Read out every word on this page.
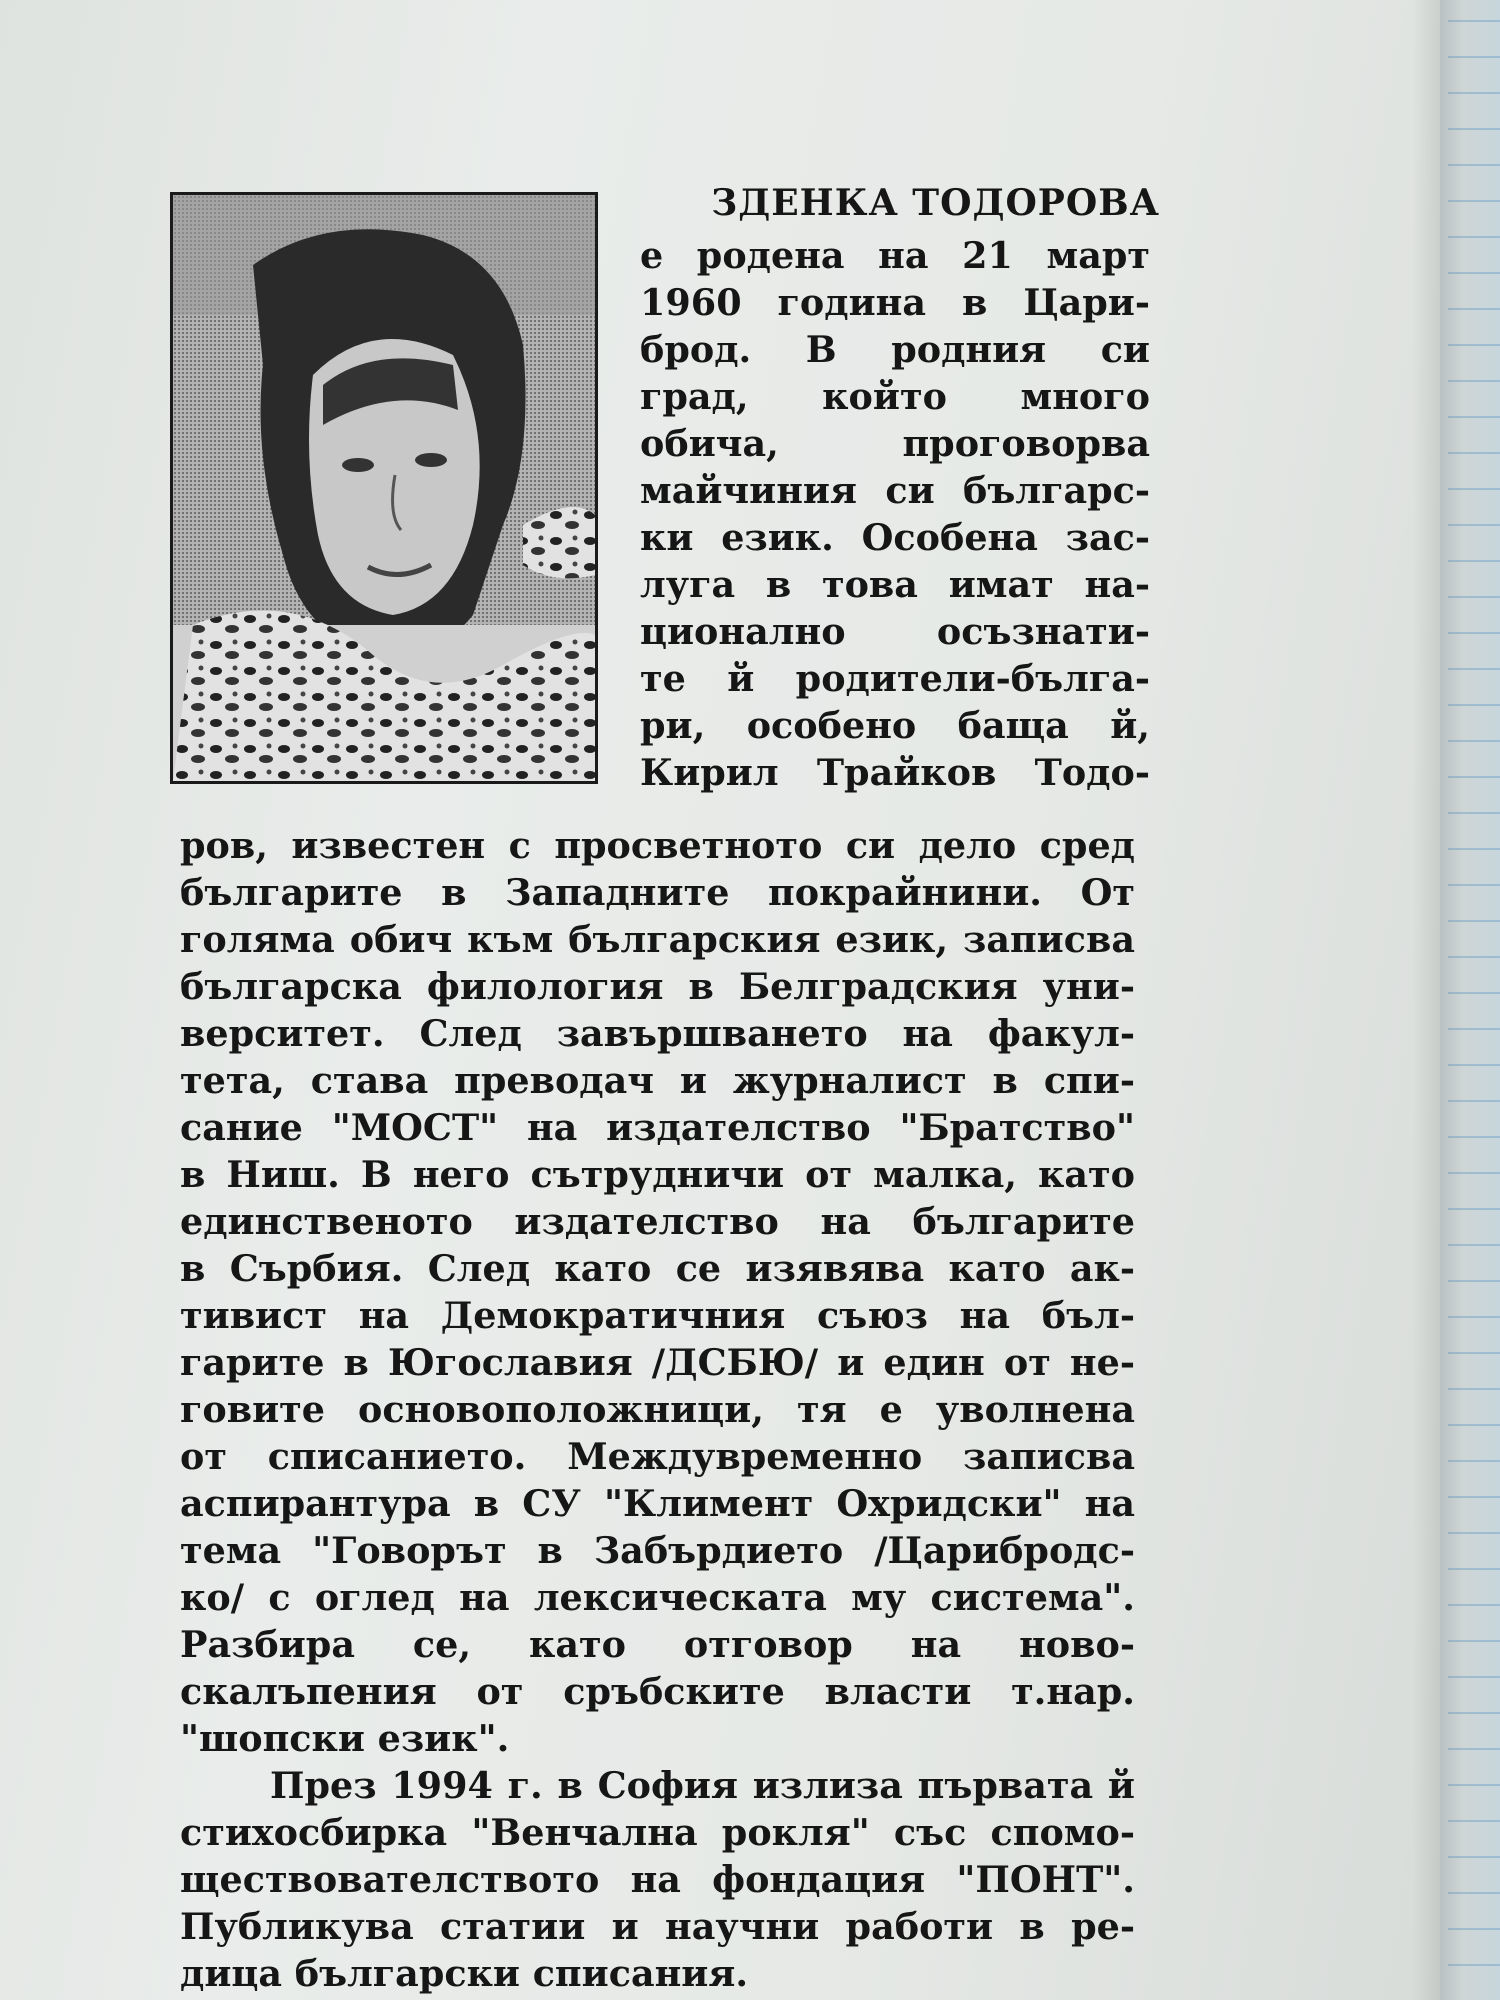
ЗДЕНКА ТОДОРОВА
е родена на 21 март
1960 година в Цари-
брод. В родния си
град, който много
обича, проговорва
майчиния си българс-
ки език. Особена зас-
луга в това имат на-
ционално осъзнати-
те й родители-бълга-
ри, особено баща й,
Кирил Трайков Тодо-
ров, известен с просветното си дело сред
българите в Западните покрайнини. От
голяма обич към българския език, записва
българска филология в Белградския уни-
верситет. След завършването на факул-
тета, става преводач и журналист в спи-
сание "МОСТ" на издателство "Братство"
в Ниш. В него сътрудничи от малка, като
единственото издателство на българите
в Сърбия. След като се изявява като ак-
тивист на Демократичния съюз на бъл-
гарите в Югославия /ДСБЮ/ и един от не-
говите основоположници, тя е уволнена
от списанието. Междувременно записва
аспирантура в СУ "Климент Охридски" на
тема "Говорът в Забърдието /Царибродс-
ко/ с оглед на лексическата му система".
Разбира се, като отговор на ново-
скалъпения от сръбските власти т.нар.
"шопски език".
През 1994 г. в София излиза първата й
стихосбирка "Венчална рокля" със спомо-
ществователството на фондация "ПОНТ".
Публикува статии и научни работи в ре-
дица български списания.
